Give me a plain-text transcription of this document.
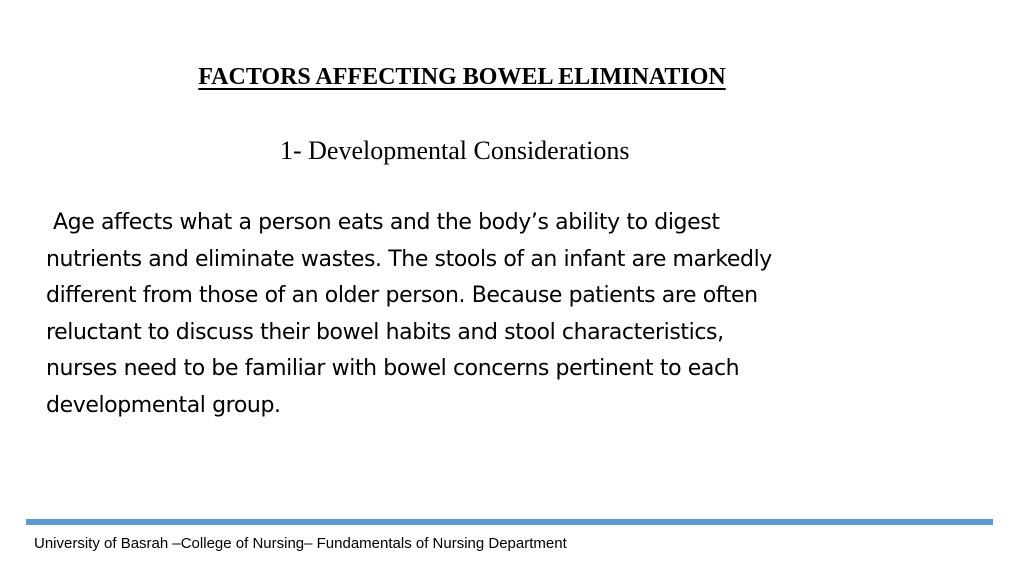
FACTORS AFFECTING BOWEL ELIMINATION
1- Developmental Considerations

Age affects what a person eats and the body’s ability to digest
nutrients and eliminate wastes. The stools of an infant are markedly
different from those of an older person. Because patients are often
reluctant to discuss their bowel habits and stool characteristics,
nurses need to be familiar with bowel concerns pertinent to each
developmental group.

University of Basrah –College of Nursing– Fundamentals of Nursing Department
